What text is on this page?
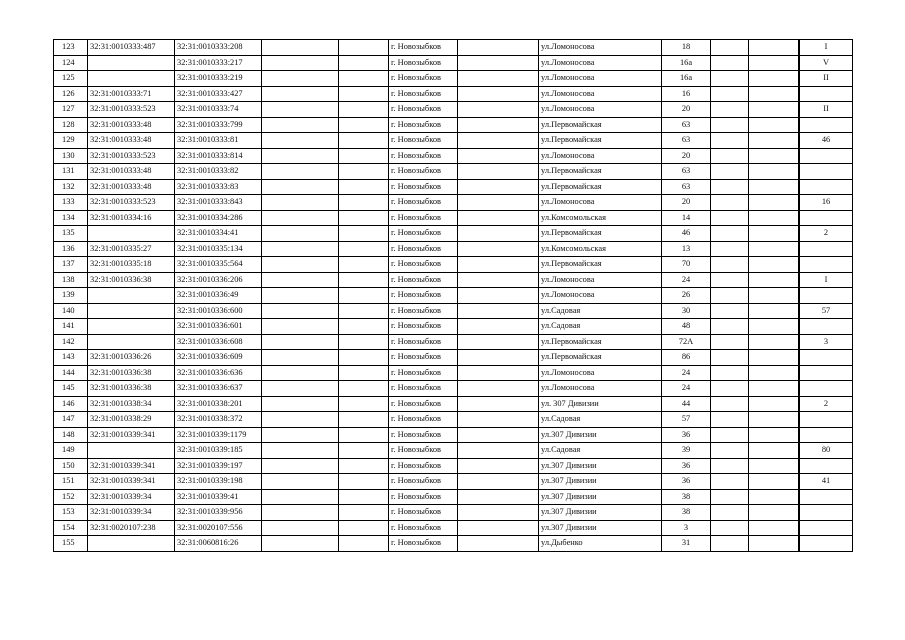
123	32:31:0010333:487	32:31:0010333:208			г. Новозыбков		ул.Ломоносова	18				I
124		32:31:0010333:217			г. Новозыбков		ул.Ломоносова	16а				V
125		32:31:0010333:219			г. Новозыбков		ул.Ломоносова	16а				II
126	32:31:0010333:71	32:31:0010333:427			г. Новозыбков		ул.Ломоносова	16				
127	32:31:0010333:523	32:31:0010333:74			г. Новозыбков		ул.Ломоносова	20				II
128	32:31:0010333:48	32:31:0010333:799			г. Новозыбков		ул.Первомайская	63				
129	32:31:0010333:48	32:31:0010333:81			г. Новозыбков		ул.Первомайская	63				46
130	32:31:0010333:523	32:31:0010333:814			г. Новозыбков		ул.Ломоносова	20				
131	32:31:0010333:48	32:31:0010333:82			г. Новозыбков		ул.Первомайская	63				
132	32:31:0010333:48	32:31:0010333:83			г. Новозыбков		ул.Первомайская	63				
133	32:31:0010333:523	32:31:0010333:843			г. Новозыбков		ул.Ломоносова	20				16
134	32:31:0010334:16	32:31:0010334:286			г. Новозыбков		ул.Комсомольская	14				
135		32:31:0010334:41			г. Новозыбков		ул.Первомайская	46				2
136	32:31:0010335:27	32:31:0010335:134			г. Новозыбков		ул.Комсомольская	13				
137	32:31:0010335:18	32:31:0010335:564			г. Новозыбков		ул.Первомайская	70				
138	32:31:0010336:38	32:31:0010336:206			г. Новозыбков		ул.Ломоносова	24				I
139		32:31:0010336:49			г. Новозыбков		ул.Ломоносова	26				
140		32:31:0010336:600			г. Новозыбков		ул.Садовая	30				57
141		32:31:0010336:601			г. Новозыбков		ул.Садовая	48				
142		32:31:0010336:608			г. Новозыбков		ул.Первомайская	72А				3
143	32:31:0010336:26	32:31:0010336:609			г. Новозыбков		ул.Первомайская	86				
144	32:31:0010336:38	32:31:0010336:636			г. Новозыбков		ул.Ломоносова	24				
145	32:31:0010336:38	32:31:0010336:637			г. Новозыбков		ул.Ломоносова	24				
146	32:31:0010338:34	32:31:0010338:201			г. Новозыбков		ул. 307 Дивизии	44				2
147	32:31:0010338:29	32:31:0010338:372			г. Новозыбков		ул.Садовая	57				
148	32:31:0010339:341	32:31:0010339:1179			г. Новозыбков		ул.307 Дивизии	36				
149		32:31:0010339:185			г. Новозыбков		ул.Садовая	39				80
150	32:31:0010339:341	32:31:0010339:197			г. Новозыбков		ул.307 Дивизии	36				
151	32:31:0010339:341	32:31:0010339:198			г. Новозыбков		ул.307 Дивизии	36				41
152	32:31:0010339:34	32:31:0010339:41			г. Новозыбков		ул.307 Дивизии	38				
153	32:31:0010339:34	32:31:0010339:956			г. Новозыбков		ул.307 Дивизии	38				
154	32:31:0020107:238	32:31:0020107:556			г. Новозыбков		ул.307 Дивизии	3				
155		32:31:0060816:26			г. Новозыбков		ул.Дыбенко	31				
